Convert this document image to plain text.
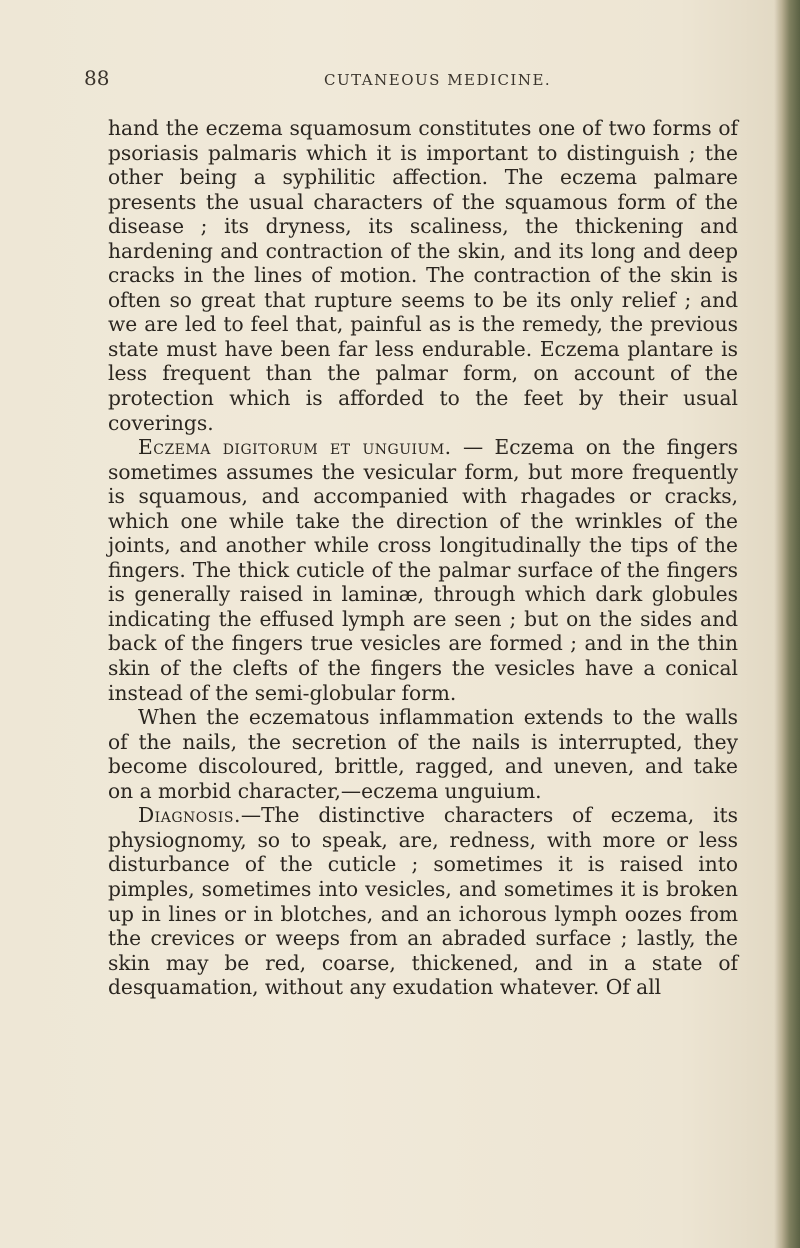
88	CUTANEOUS MEDICINE.

hand the eczema squamosum constitutes one of two forms of psoriasis palmaris which it is important to distinguish ; the other being a syphilitic affection. The eczema palmare presents the usual characters of the squamous form of the disease ; its dryness, its scaliness, the thickening and hardening and contraction of the skin, and its long and deep cracks in the lines of motion. The contraction of the skin is often so great that rupture seems to be its only relief ; and we are led to feel that, painful as is the remedy, the previous state must have been far less endurable. Eczema plantare is less frequent than the palmar form, on account of the protection which is afforded to the feet by their usual coverings.

Eczema digitorum et unguium. — Eczema on the fingers sometimes assumes the vesicular form, but more frequently is squamous, and accompanied with rhagades or cracks, which one while take the direction of the wrinkles of the joints, and another while cross longitudinally the tips of the fingers. The thick cuticle of the palmar surface of the fingers is generally raised in laminæ, through which dark globules indicating the effused lymph are seen ; but on the sides and back of the fingers true vesicles are formed ; and in the thin skin of the clefts of the fingers the vesicles have a conical instead of the semi-globular form.

When the eczematous inflammation extends to the walls of the nails, the secretion of the nails is interrupted, they become discoloured, brittle, ragged, and uneven, and take on a morbid character,—eczema unguium.

Diagnosis.—The distinctive characters of eczema, its physiognomy, so to speak, are, redness, with more or less disturbance of the cuticle ; sometimes it is raised into pimples, sometimes into vesicles, and sometimes it is broken up in lines or in blotches, and an ichorous lymph oozes from the crevices or weeps from an abraded surface ; lastly, the skin may be red, coarse, thickened, and in a state of desquamation, without any exudation whatever. Of all
